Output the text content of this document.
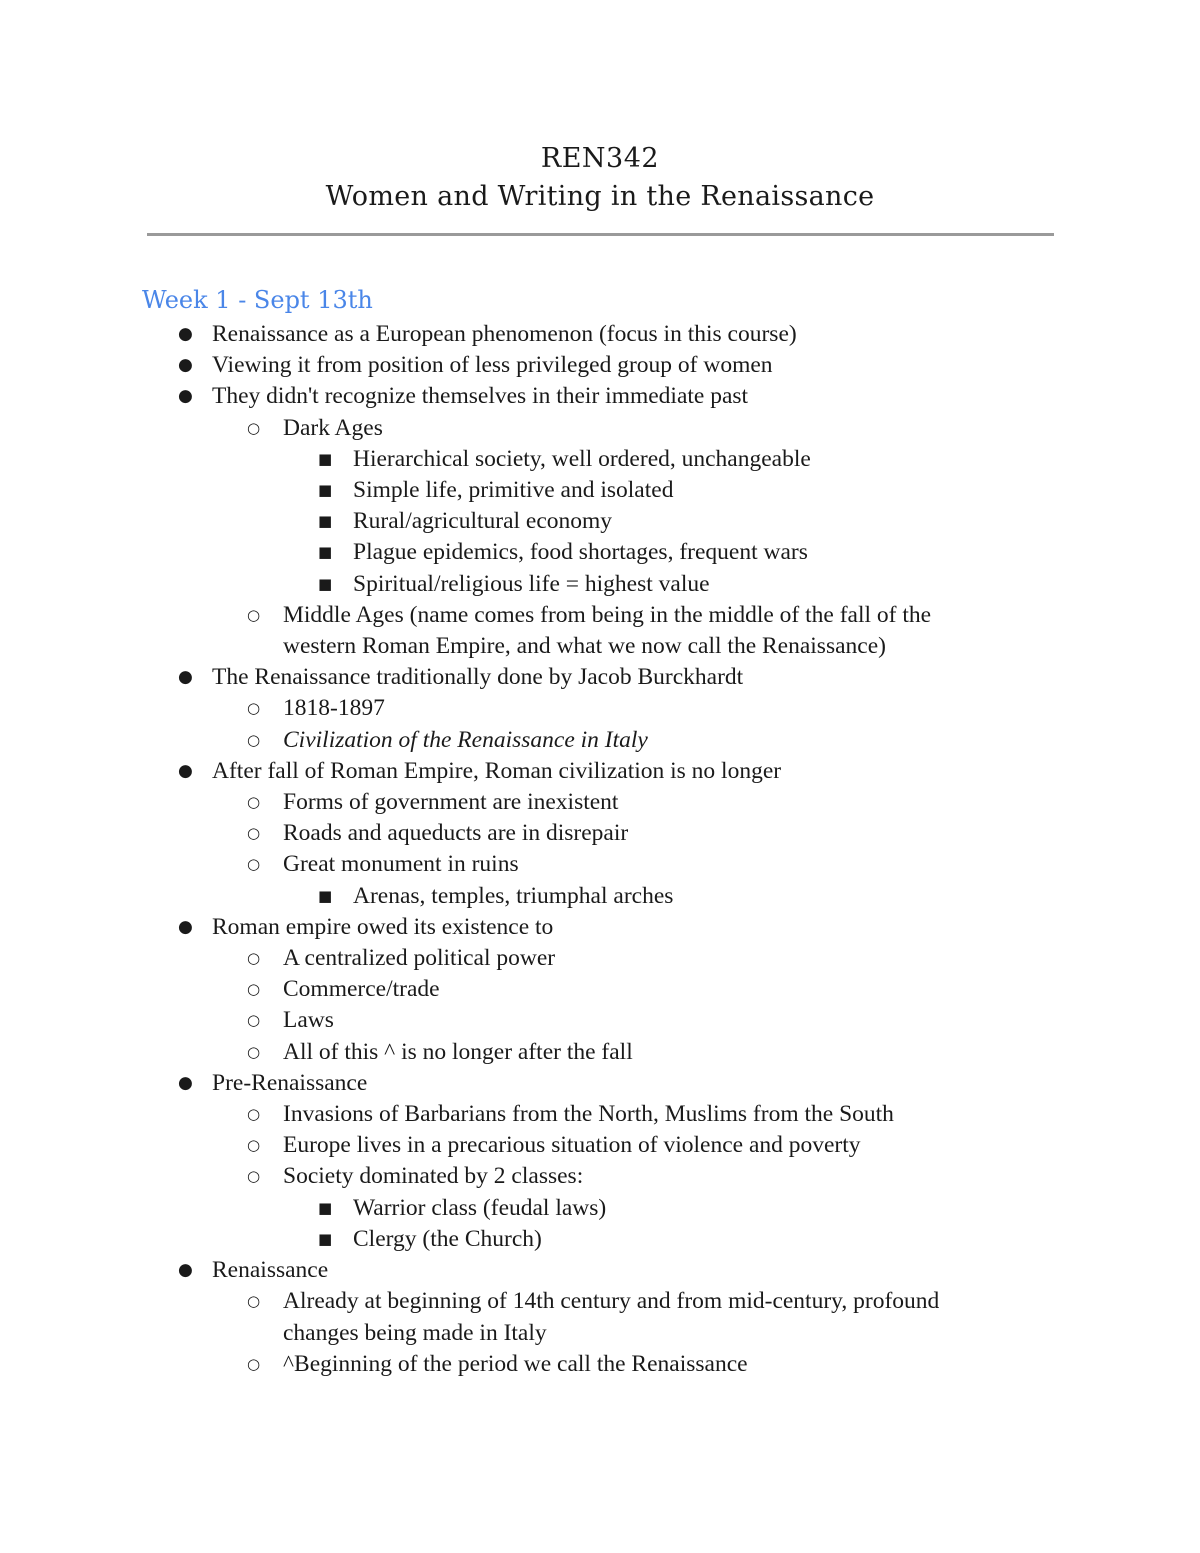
REN342
Women and Writing in the Renaissance
Week 1 - Sept 13th
● Renaissance as a European phenomenon (focus in this course)
● Viewing it from position of less privileged group of women
● They didn't recognize themselves in their immediate past
○ Dark Ages
■ Hierarchical society, well ordered, unchangeable
■ Simple life, primitive and isolated
■ Rural/agricultural economy
■ Plague epidemics, food shortages, frequent wars
■ Spiritual/religious life = highest value
○ Middle Ages (name comes from being in the middle of the fall of the western Roman Empire, and what we now call the Renaissance)
● The Renaissance traditionally done by Jacob Burckhardt
○ 1818-1897
○ Civilization of the Renaissance in Italy
● After fall of Roman Empire, Roman civilization is no longer
○ Forms of government are inexistent
○ Roads and aqueducts are in disrepair
○ Great monument in ruins
■ Arenas, temples, triumphal arches
● Roman empire owed its existence to
○ A centralized political power
○ Commerce/trade
○ Laws
○ All of this ^ is no longer after the fall
● Pre-Renaissance
○ Invasions of Barbarians from the North, Muslims from the South
○ Europe lives in a precarious situation of violence and poverty
○ Society dominated by 2 classes:
■ Warrior class (feudal laws)
■ Clergy (the Church)
● Renaissance
○ Already at beginning of 14th century and from mid-century, profound changes being made in Italy
○ ^Beginning of the period we call the Renaissance
